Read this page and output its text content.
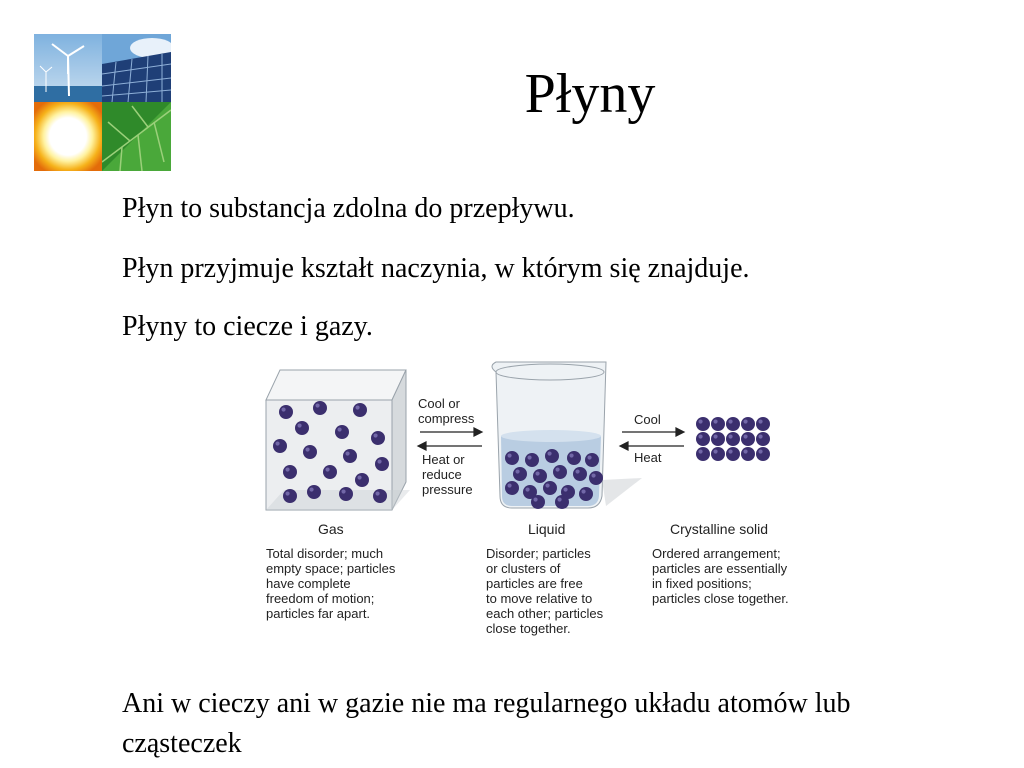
Płyny
Płyn to substancja zdolna do przepływu.
Płyn przyjmuje kształt naczynia, w którym się znajduje.
Płyny to ciecze i gazy.
Cool or
compress
Heat or
reduce
pressure
Cool
Heat
Gas	Liquid	Crystalline solid
Total disorder; much
empty space; particles
have complete
freedom of motion;
particles far apart.
Disorder; particles
or clusters of
particles are free
to move relative to
each other; particles
close together.
Ordered arrangement;
particles are essentially
in fixed positions;
particles close together.
Ani w cieczy ani w gazie nie ma regularnego układu atomów lub cząsteczek
